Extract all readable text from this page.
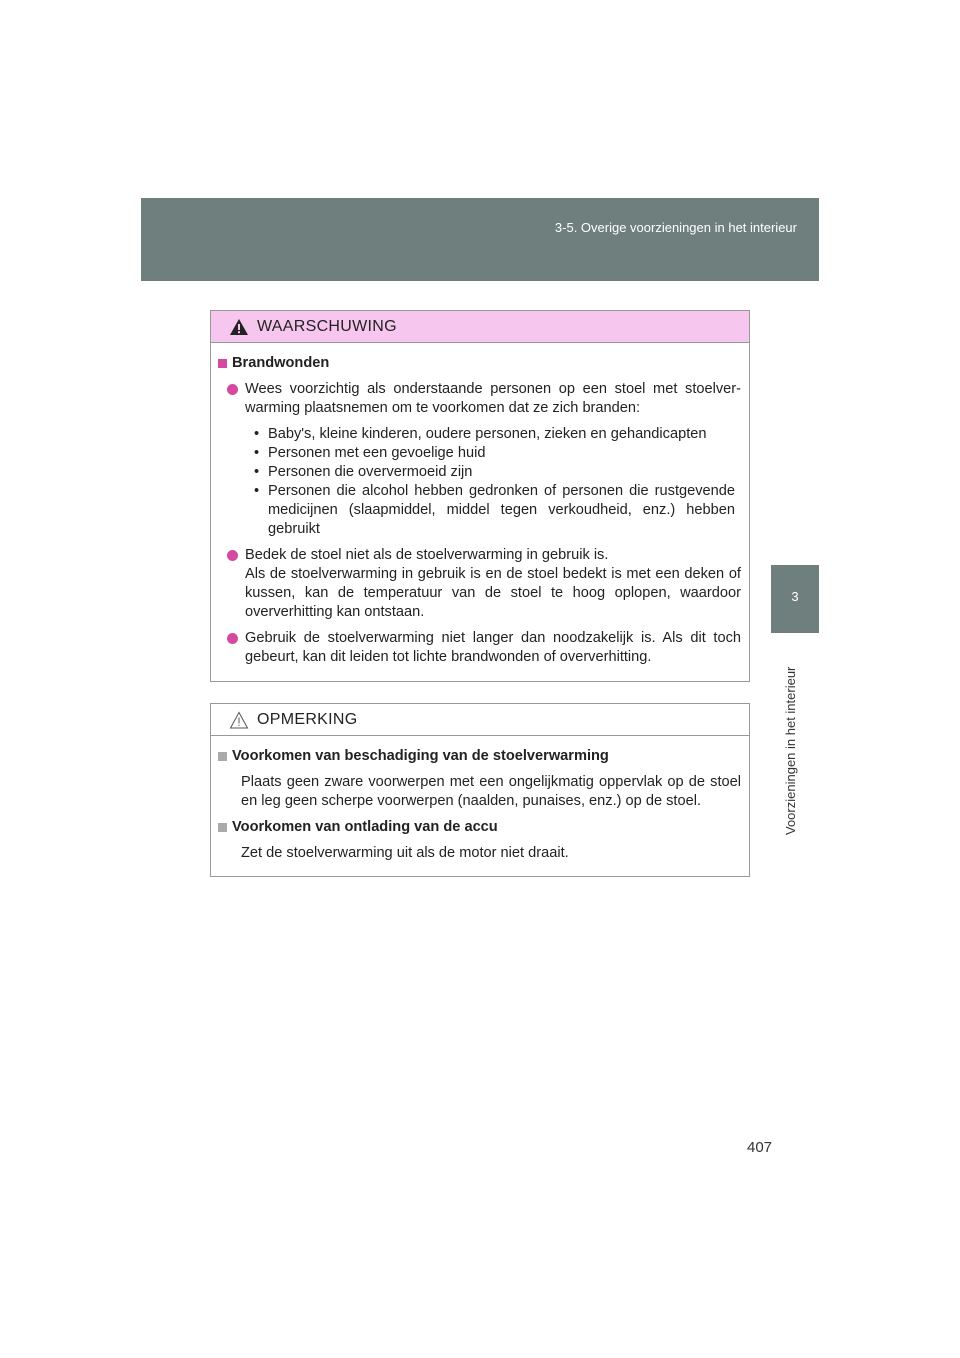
3-5. Overige voorzieningen in het interieur
3
Voorzieningen in het interieur
WAARSCHUWING
Brandwonden
Wees voorzichtig als onderstaande personen op een stoel met stoelver-warming plaatsnemen om te voorkomen dat ze zich branden:
• Baby's, kleine kinderen, oudere personen, zieken en gehandicapten
• Personen met een gevoelige huid
• Personen die oververmoeid zijn
• Personen die alcohol hebben gedronken of personen die rustgevende medicijnen (slaapmiddel, middel tegen verkoudheid, enz.) hebben gebruikt
Bedek de stoel niet als de stoelverwarming in gebruik is.
Als de stoelverwarming in gebruik is en de stoel bedekt is met een deken of kussen, kan de temperatuur van de stoel te hoog oplopen, waardoor oververhitting kan ontstaan.
Gebruik de stoelverwarming niet langer dan noodzakelijk is. Als dit toch gebeurt, kan dit leiden tot lichte brandwonden of oververhitting.
OPMERKING
Voorkomen van beschadiging van de stoelverwarming
Plaats geen zware voorwerpen met een ongelijkmatig oppervlak op de stoel en leg geen scherpe voorwerpen (naalden, punaises, enz.) op de stoel.
Voorkomen van ontlading van de accu
Zet de stoelverwarming uit als de motor niet draait.
407
